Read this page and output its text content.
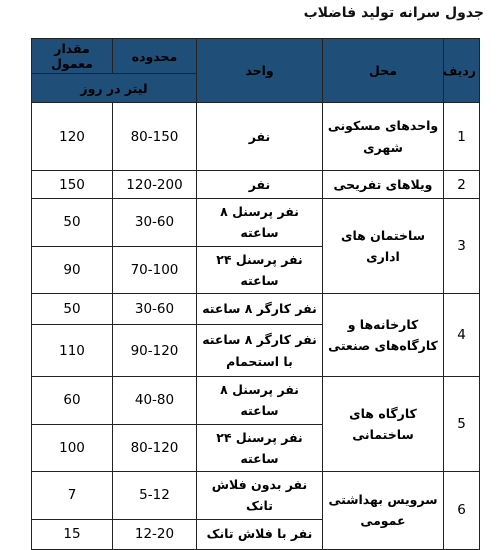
جدول سرانه تولید فاضلاب
ردیف	محل	واحد	محدوده	مقدار معمول
			لیتر در روز	
1	واحدهای مسکونی شهری	نفر	80-150	120
2	ویلاهای تفریحی	نفر	120-200	150
3	ساختمان های اداری	نفر پرسنل ۸ ساعته	30-60	50
		نفر پرسنل ۲۴ ساعته	70-100	90
4	کارخانه‌ها و کارگاه‌های صنعتی	نفر کارگر ۸ ساعته	30-60	50
		نفر کارگر ۸ ساعته با استحمام	90-120	110
5	کارگاه های ساختمانی	نفر پرسنل ۸ ساعته	40-80	60
		نفر پرسنل ۲۴ ساعته	80-120	100
6	سرویس بهداشتی عمومی	نفر بدون فلاش تانک	5-12	7
		نفر با فلاش تانک	12-20	15
